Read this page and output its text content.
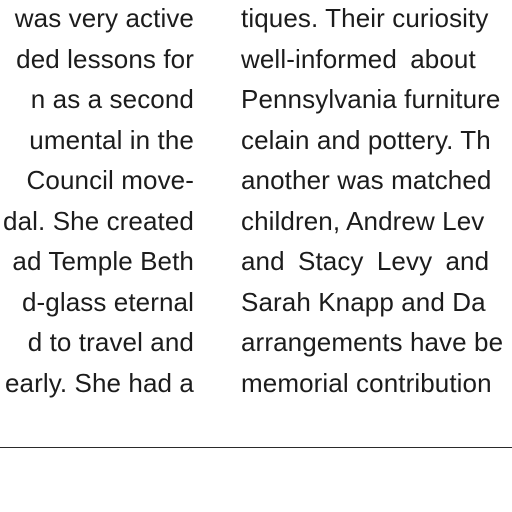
was very active
ded lessons for
n as a second
umental in the
Council move-
dal. She created
ad Temple Beth
d-glass eternal
d to travel and
early. She had a
tiques. Their curiosity
well-informed about
Pennsylvania furniture
celain and pottery. Th
another was matched
children, Andrew Lev
and Stacy Levy and
Sarah Knapp and Da
arrangements have be
memorial contribution
